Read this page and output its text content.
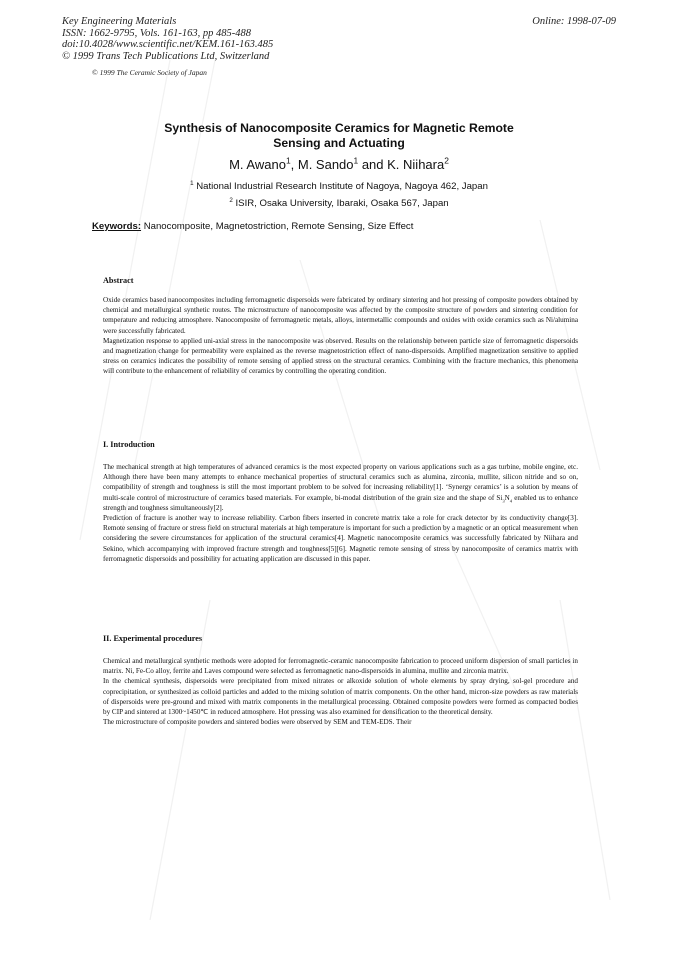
Key Engineering Materials
ISSN: 1662-9795, Vols. 161-163, pp 485-488
doi:10.4028/www.scientific.net/KEM.161-163.485
© 1999 Trans Tech Publications Ltd, Switzerland
Online: 1998-07-09
© 1999 The Ceramic Society of Japan
Synthesis of Nanocomposite Ceramics for Magnetic Remote
Sensing and Actuating
M. Awano$^1$, M. Sando$^1$ and K. Niihara$^2$
$^1$ National Industrial Research Institute of Nagoya, Nagoya 462, Japan
$^2$ ISIR, Osaka University, Ibaraki, Osaka 567, Japan
Keywords: Nanocomposite, Magnetostriction, Remote Sensing, Size Effect
Abstract

Oxide ceramics based nanocomposites including ferromagnetic dispersoids were fabricated by ordinary sintering and hot pressing of composite powders obtained by chemical and metallurgical synthetic routes. The microstructure of nanocomposite was affected by the composite structure of powders and sintering condition for temperature and reducing atmosphere. Nanocomposite of ferromagnetic metals, alloys, intermetallic compounds and oxides with oxide ceramics such as Ni/alumina were successfully fabricated.

Magnetization response to applied uni-axial stress in the nanocomposite was observed. Results on the relationship between particle size of ferromagnetic dispersoids and magnetization change for permeability were explained as the reverse magnetostriction effect of nano-dispersoids. Amplified magnetization sensitive to applied stress on ceramics indicates the possibility of remote sensing of applied stress on the structural ceramics. Combining with the fracture mechanics, this phenomena will contribute to the enhancement of reliability of ceramics by controlling the operating condition.

I. Introduction

The mechanical strength at high temperatures of advanced ceramics is the most expected property on various applications such as a gas turbine, mobile engine, etc. Although there have been many attempts to enhance mechanical properties of structural ceramics such as alumina, zirconia, mullite, silicon nitride and so on, compatibility of strength and toughness is still the most important problem to be solved for increasing reliability[1]. ‘Synergy ceramics’ is a solution by means of multi-scale control of microstructure of ceramics based materials. For example, bi-modal distribution of the grain size and the shape of $Si_3N_4$ enabled us to enhance strength and toughness simultaneously[2].

Prediction of fracture is another way to increase reliability. Carbon fibers inserted in concrete matrix take a role for crack detector by its conductivity change[3]. Remote sensing of fracture or stress field on structural materials at high temperature is important for such a prediction by a magnetic or an optical measurement when considering the severe circumstances for application of the structural ceramics[4]. Magnetic nanocomposite ceramics was successfully fabricated by Niihara and Sekino, which accompanying with improved fracture strength and toughness[5][6]. Magnetic remote sensing of stress by nanocomposite of ceramics matrix with ferromagnetic dispersoids and possibility for actuating application are discussed in this paper.

II. Experimental procedures

Chemical and metallurgical synthetic methods were adopted for ferromagnetic-ceramic nanocomposite fabrication to proceed uniform dispersion of small particles in matrix. Ni, Fe-Co alloy, ferrite and Laves compound were selected as ferromagnetic nano-dispersoids in alumina, mullite and zirconia matrix.

In the chemical synthesis, dispersoids were precipitated from mixed nitrates or alkoxide solution of whole elements by spray drying, sol-gel procedure and coprecipitation, or synthesized as colloid particles and added to the mixing solution of matrix components. On the other hand, micron-size powders as raw materials of dispersoids were pre-ground and mixed with matrix components in the metallurgical processing. Obtained composite powders were formed as compacted bodies by CIP and sintered at 1300~1450℃ in reduced atmosphere. Hot pressing was also examined for densification to the theoretical density.

The microstructure of composite powders and sintered bodies were observed by SEM and TEM-EDS. Their
